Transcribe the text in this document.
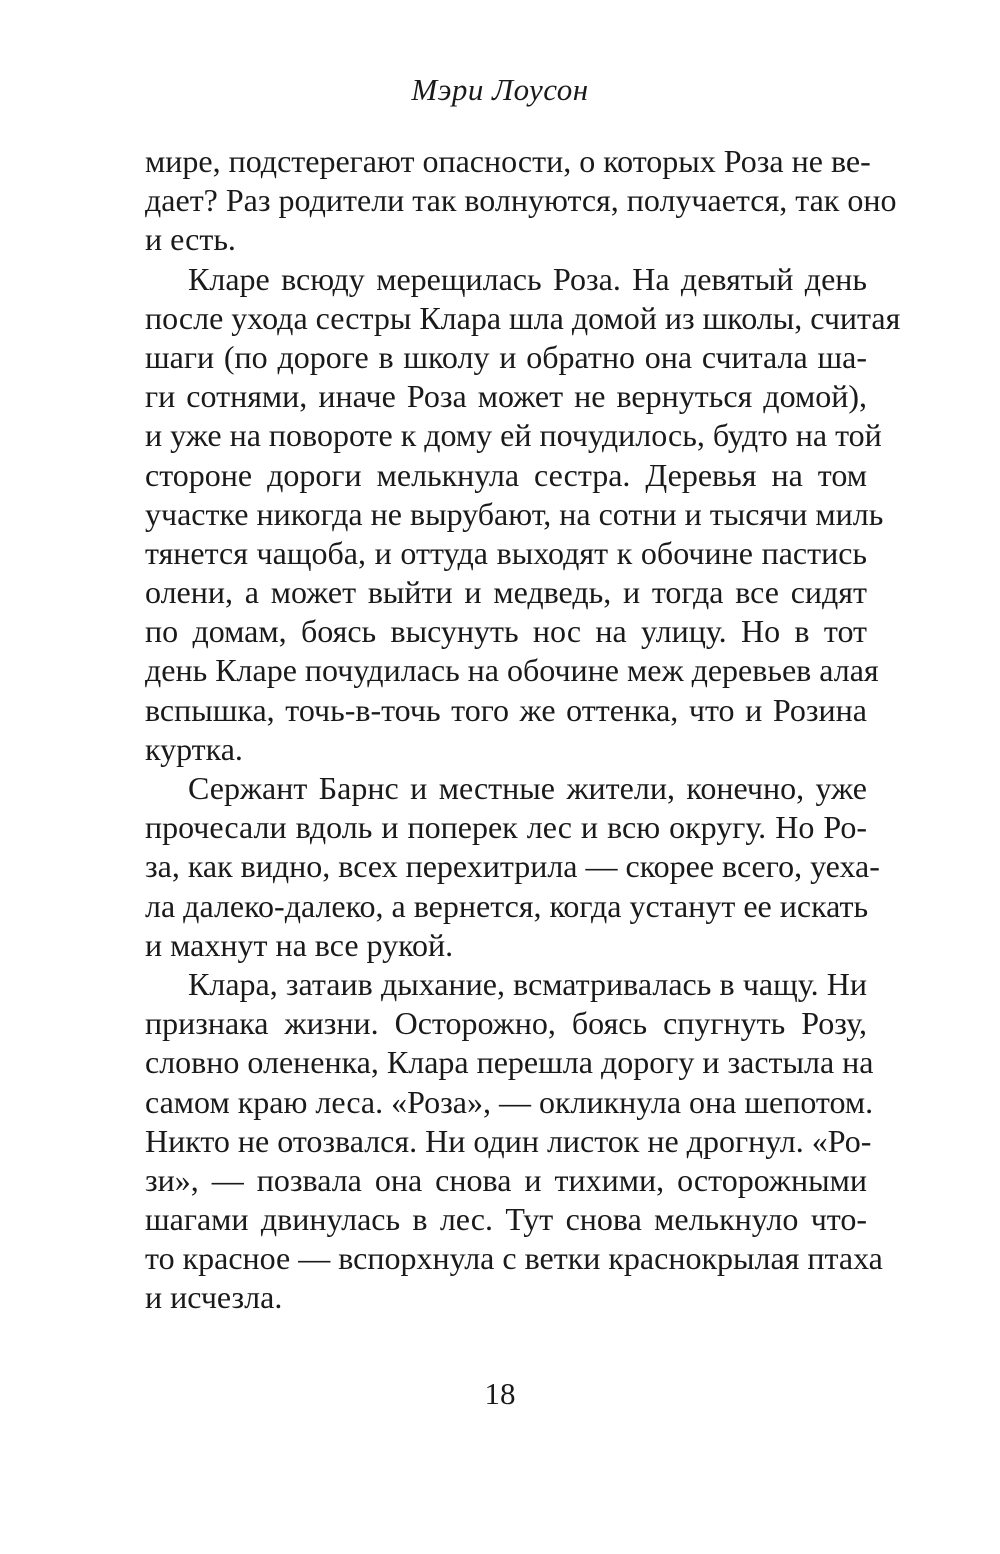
Мэри Лоусон
мире, подстерегают опасности, о которых Роза не ве-
дает? Раз родители так волнуются, получается, так оно
и есть.
Кларе всюду мерещилась Роза. На девятый день
после ухода сестры Клара шла домой из школы, считая
шаги (по дороге в школу и обратно она считала ша-
ги сотнями, иначе Роза может не вернуться домой),
и уже на повороте к дому ей почудилось, будто на той
стороне дороги мелькнула сестра. Деревья на том
участке никогда не вырубают, на сотни и тысячи миль
тянется чащоба, и оттуда выходят к обочине пастись
олени, а может выйти и медведь, и тогда все сидят
по домам, боясь высунуть нос на улицу. Но в тот
день Кларе почудилась на обочине меж деревьев алая
вспышка, точь-в-точь того же оттенка, что и Розина
куртка.
Сержант Барнс и местные жители, конечно, уже
прочесали вдоль и поперек лес и всю округу. Но Ро-
за, как видно, всех перехитрила — скорее всего, уеха-
ла далеко-далеко, а вернется, когда устанут ее искать
и махнут на все рукой.
Клара, затаив дыхание, всматривалась в чащу. Ни
признака жизни. Осторожно, боясь спугнуть Розу,
словно олененка, Клара перешла дорогу и застыла на
самом краю леса. «Роза», — окликнула она шепотом.
Никто не отозвался. Ни один листок не дрогнул. «Ро-
зи», — позвала она снова и тихими, осторожными
шагами двинулась в лес. Тут снова мелькнуло что-
то красное — вспорхнула с ветки краснокрылая птаха
и исчезла.
18
